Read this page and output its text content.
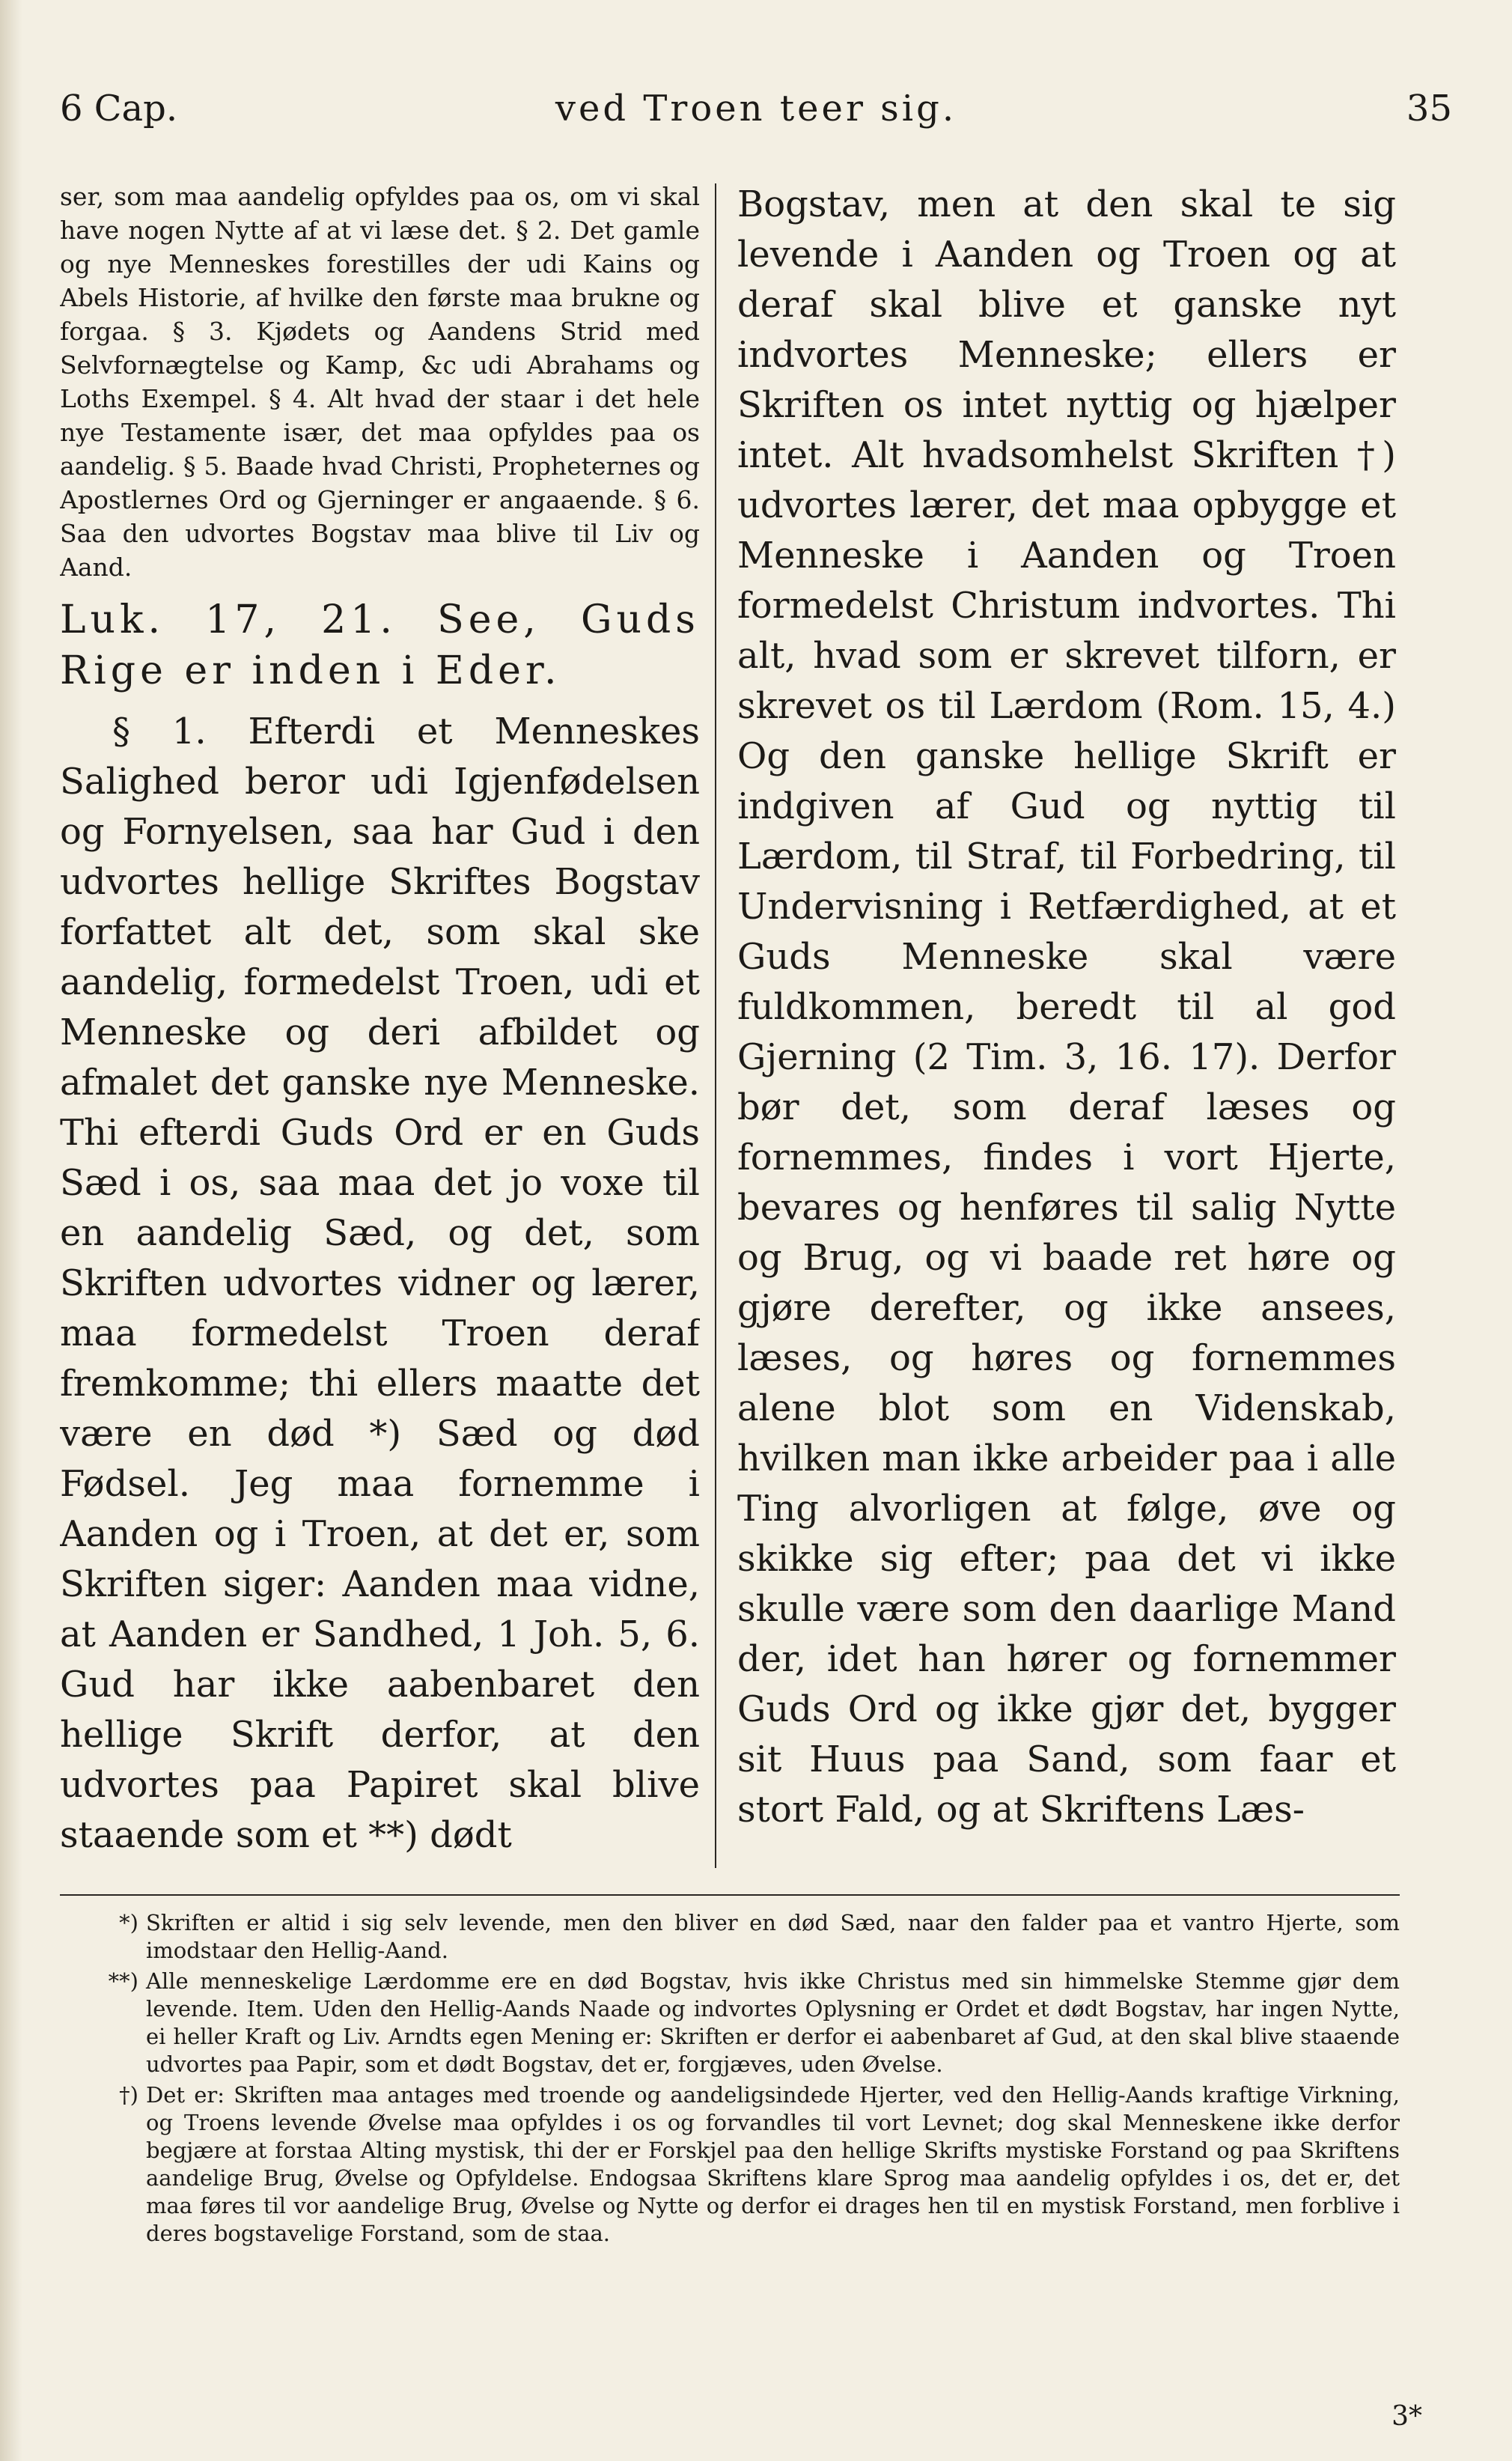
6 Cap.	ved Troen teer sig.	35

ser, som maa aandelig opfyldes paa os, om vi skal have nogen Nytte af at vi læse det. § 2. Det gamle og nye Menneskes forestilles der udi Kains og Abels Historie, af hvilke den første maa brukne og forgaa. § 3. Kjødets og Aandens Strid med Selvfornægtelse og Kamp, &c udi Abrahams og Loths Exempel. § 4. Alt hvad der staar i det hele nye Testamente især, det maa opfyldes paa os aandelig. § 5. Baade hvad Christi, Propheternes og Apostlernes Ord og Gjerninger er angaaende. § 6. Saa den udvortes Bogstav maa blive til Liv og Aand.

Luk. 17, 21. See, Guds Rige er inden i Eder.

§ 1. Efterdi et Menneskes Salighed beror udi Igjenfødelsen og Fornyelsen, saa har Gud i den udvortes hellige Skriftes Bogstav forfattet alt det, som skal ske aandelig, formedelst Troen, udi et Menneske og deri afbildet og afmalet det ganske nye Menneske. Thi efterdi Guds Ord er en Guds Sæd i os, saa maa det jo voxe til en aandelig Sæd, og det, som Skriften udvortes vidner og lærer, maa formedelst Troen deraf fremkomme; thi ellers maatte det være en død *) Sæd og død Fødsel. Jeg maa fornemme i Aanden og i Troen, at det er, som Skriften siger: Aanden maa vidne, at Aanden er Sandhed, 1 Joh. 5, 6. Gud har ikke aabenbaret den hellige Skrift derfor, at den udvortes paa Papiret skal blive staaende som et **) dødt

Bogstav, men at den skal te sig levende i Aanden og Troen og at deraf skal blive et ganske nyt indvortes Menneske; ellers er Skriften os intet nyttig og hjælper intet. Alt hvadsomhelst Skriften †) udvortes lærer, det maa opbygge et Menneske i Aanden og Troen formedelst Christum indvortes. Thi alt, hvad som er skrevet tilforn, er skrevet os til Lærdom (Rom. 15, 4.) Og den ganske hellige Skrift er indgiven af Gud og nyttig til Lærdom, til Straf, til Forbedring, til Undervisning i Retfærdighed, at et Guds Menneske skal være fuldkommen, beredt til al god Gjerning (2 Tim. 3, 16. 17). Derfor bør det, som deraf læses og fornemmes, findes i vort Hjerte, bevares og henføres til salig Nytte og Brug, og vi baade ret høre og gjøre derefter, og ikke ansees, læses, og høres og fornemmes alene blot som en Videnskab, hvilken man ikke arbeider paa i alle Ting alvorligen at følge, øve og skikke sig efter; paa det vi ikke skulle være som den daarlige Mand der, idet han hører og fornemmer Guds Ord og ikke gjør det, bygger sit Huus paa Sand, som faar et stort Fald, og at Skriftens Læs-

*) Skriften er altid i sig selv levende, men den bliver en død Sæd, naar den falder paa et vantro Hjerte, som imodstaar den Hellig-Aand.

**) Alle menneskelige Lærdomme ere en død Bogstav, hvis ikke Christus med sin himmelske Stemme gjør dem levende. Item. Uden den Hellig-Aands Naade og indvortes Oplysning er Ordet et dødt Bogstav, har ingen Nytte, ei heller Kraft og Liv. Arndts egen Mening er: Skriften er derfor ei aabenbaret af Gud, at den skal blive staaende udvortes paa Papir, som et dødt Bogstav, det er, forgjæves, uden Øvelse.

†) Det er: Skriften maa antages med troende og aandeligsindede Hjerter, ved den Hellig-Aands kraftige Virkning, og Troens levende Øvelse maa opfyldes i os og forvandles til vort Levnet; dog skal Menneskene ikke derfor begjære at forstaa Alting mystisk, thi der er Forskjel paa den hellige Skrifts mystiske Forstand og paa Skriftens aandelige Brug, Øvelse og Opfyldelse. Endogsaa Skriftens klare Sprog maa aandelig opfyldes i os, det er, det maa føres til vor aandelige Brug, Øvelse og Nytte og derfor ei drages hen til en mystisk Forstand, men forblive i deres bogstavelige Forstand, som de staa.

3*
